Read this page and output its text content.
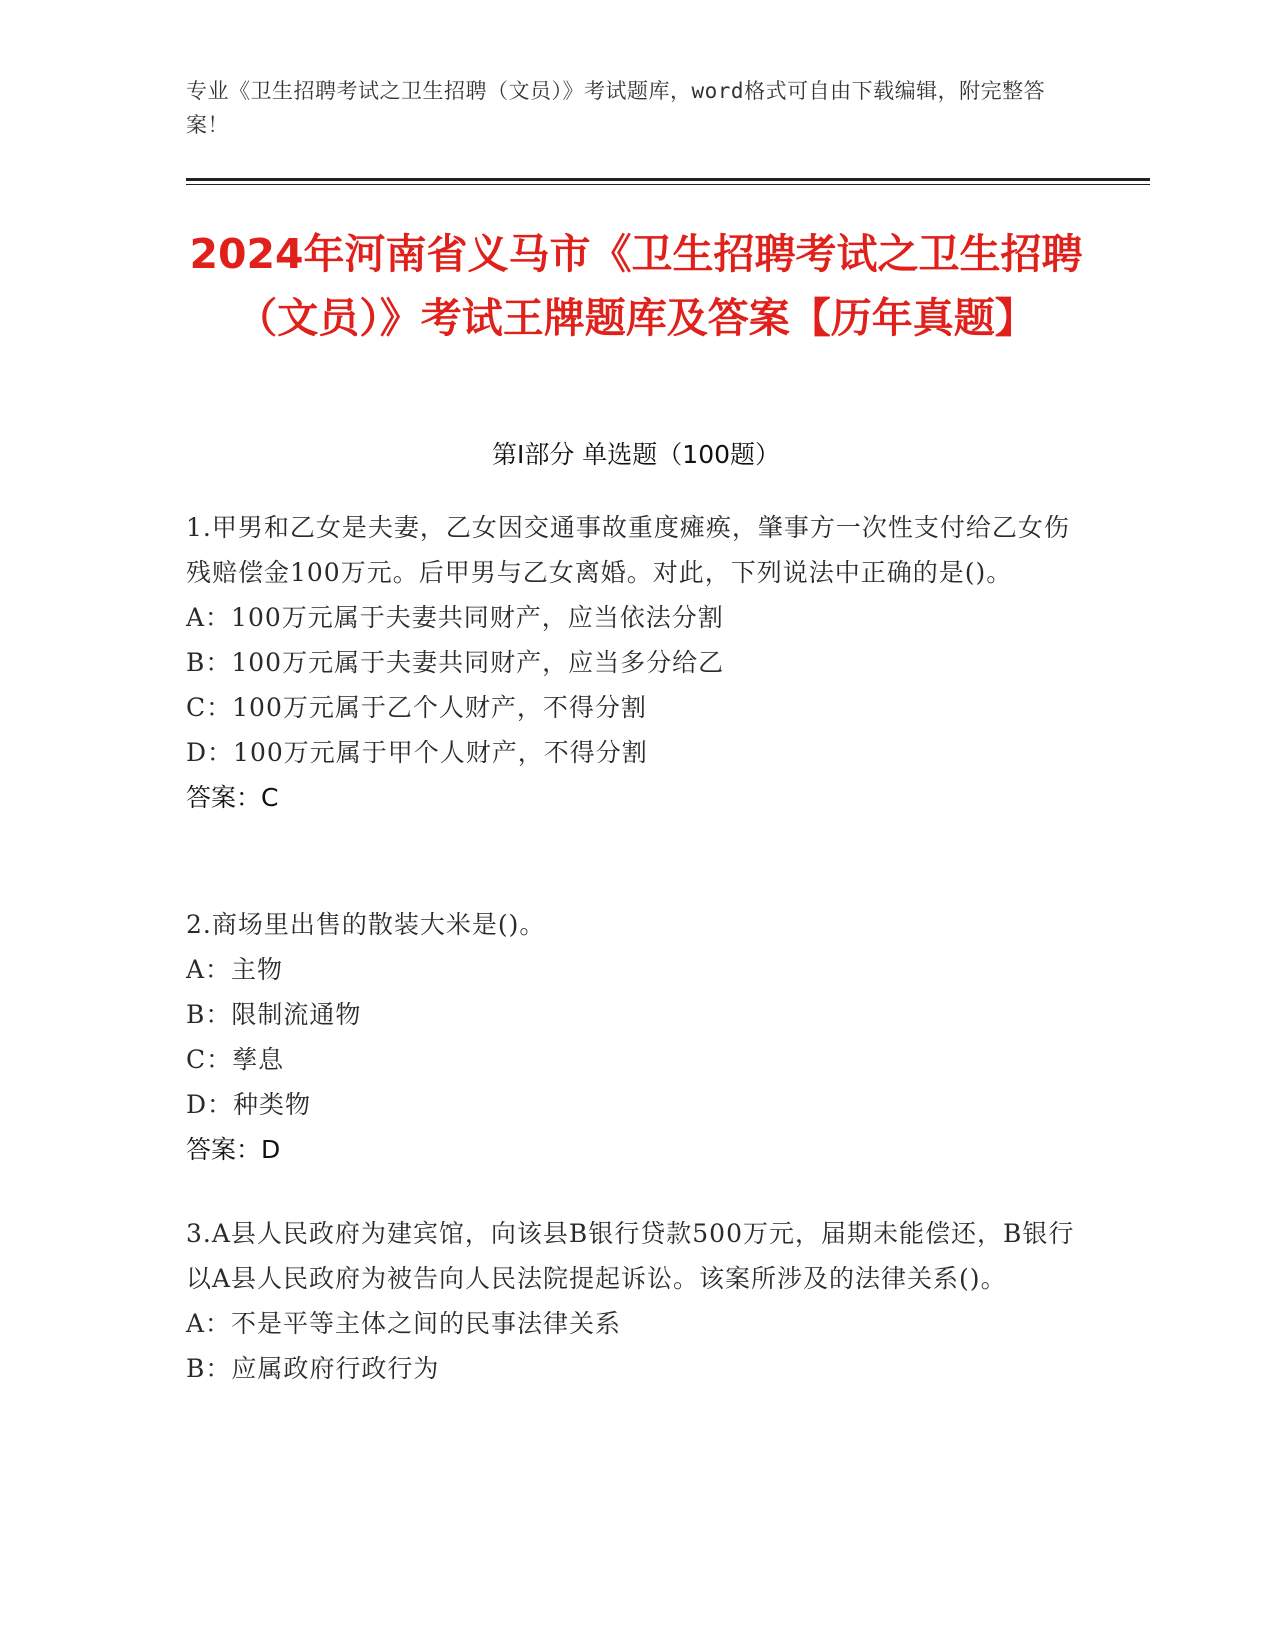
专业《卫生招聘考试之卫生招聘（文员）》考试题库，word格式可自由下载编辑，附完整答案！
2024年河南省义马市《卫生招聘考试之卫生招聘（文员）》考试王牌题库及答案【历年真题】
第Ⅰ部分 单选题（100题）

1.甲男和乙女是夫妻，乙女因交通事故重度瘫痪，肇事方一次性支付给乙女伤残赔偿金100万元。后甲男与乙女离婚。对此，下列说法中正确的是()。

A：100万元属于夫妻共同财产，应当依法分割

B：100万元属于夫妻共同财产，应当多分给乙

C：100万元属于乙个人财产，不得分割

D：100万元属于甲个人财产，不得分割

答案：C

2.商场里出售的散装大米是()。

A：主物

B：限制流通物

C：孳息

D：种类物

答案：D

3.A县人民政府为建宾馆，向该县B银行贷款500万元，届期未能偿还，B银行以A县人民政府为被告向人民法院提起诉讼。该案所涉及的法律关系()。

A：不是平等主体之间的民事法律关系

B：应属政府行政行为
